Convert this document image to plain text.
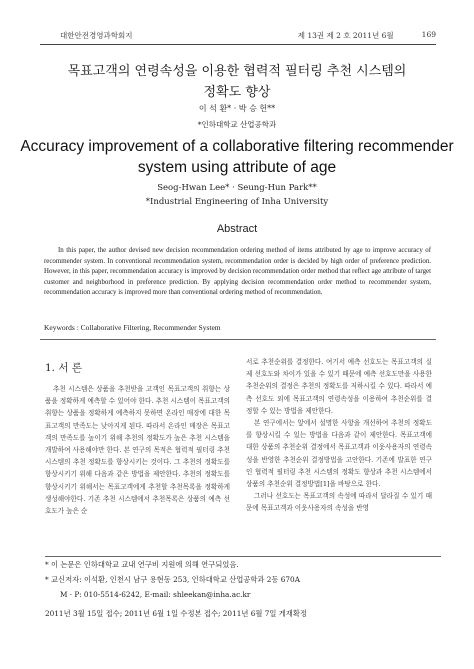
대한안전경영과학회지	제 13권 제 2 호 2011년 6월	169
목표고객의 연령속성을 이용한 협력적 필터링 추천 시스템의
정확도 향상
이 석 환* · 박 승 헌**
*인하대학교 산업공학과
Accuracy improvement of a collaborative filtering recommender
system using attribute of age
Seog-Hwan Lee* · Seung-Hun Park**
*Industrial Engineering of Inha University
Abstract

In this paper, the author devised new decision recommendation ordering method of items attributed by age to improve accuracy of recommender system. In conventional recommendation system, recommendation order is decided by high order of preference prediction. However, in this paper, recommendation accuracy is improved by decision recommendation order method that reflect age attribute of target customer and neighborhood in preference prediction. By applying decision recommendation order method to recommender system, recommendation accuracy is improved more than conventional ordering method of recommendation.

Keywords : Collaborative Filtering, Recommender System
1. 서 론

추천 시스템은 상품을 추천받을 고객인 목표고객의 취향는 상품을 정확하게 예측할 수 있어야 한다. 추천 시스템이 목표고객의 취향는 상품을 정확하게 예측하지 못하면 온라인 매장에 대한 목표고객의 만족도는 낮아지게 된다. 따라서 온라인 매장은 목표고객의 만족도를 높이기 위해 추천의 정확도가 높은 추천 시스템을 개발하여 사용해야만 한다. 본 연구의 목적은 협력적 필터링 추천 시스템의 추천 정확도를 향상시키는 것이다. 그 추천의 정확도를 향상시키기 위해 다음과 같은 방법을 제안한다. 추천의 정확도를 향상시키기 위해서는 목표고객에게 추천할 추천목록을 정확하게 생성해야한다. 기존 추천 시스템에서 추천목록은 상품의 예측 선호도가 높은 순

서로 추천순위를 결정한다. 여기서 예측 선호도는 목표고객의 실제 선호도와 차이가 있을 수 있기 때문에 예측 선호도만을 사용한 추천순위의 결정은 추천의 정확도를 저하시킬 수 있다. 따라서 예측 선호도 외에 목표고객의 연령속성을 이용하여 추천순위를 결정할 수 있는 방법을 제안한다.

본 연구에서는 앞에서 설명한 사항을 개선하여 추천의 정확도를 향상시킬 수 있는 방법을 다음과 같이 제안한다. 목표고객에 대한 상품의 추천순위 결정에서 목표고객과 이웃사용자의 연령속성을 반영한 추천순위 결정방법을 고안한다. 기존에 발표한 연구인 협력적 필터링 추천 시스템의 정확도 향상과 추천 시스템에서 상품의 추천순위 결정방법[1]을 바탕으로 한다.

그러나 선호도는 목표고객의 속성에 따라서 달라질 수 있기 때문에 목표고객과 이웃사용자의 속성을 반영

* 이 논문은 인하대학교 교내 연구비 지원에 의해 연구되었음.
* 교신저자: 이석환, 인천시 남구 용현동 253, 인하대학교 산업공학과 2동 670A
M · P: 010-5514-6242, E-mail: shleekan@inha.ac.kr
2011년 3월 15일 접수; 2011년 6월 1일 수정본 접수; 2011년 6월 7일 게재확정
